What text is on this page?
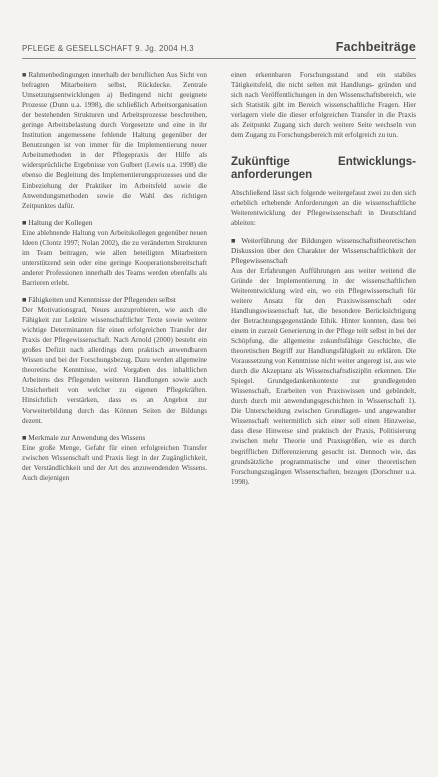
PFLEGE & GESELLSCHAFT 9. Jg. 2004 H.3	Fachbeiträge

■ Rahmenbedingungen innerhalb der beruflichen Aus Sicht von befragten Mitarbeitern selbst, Rückdecke. Zentrale Umsetzungsentwicklungen a) Bedingend nicht geeignete Prozesse (Dunn u.a. 1998), die schließlich Arbeitsorganisation der bestehenden Strukturen und Arbeitsprozesse beschreiben, geringe Arbeitsbelastung durch Vorgesetzte und eine in ihr Institution angemessene fehlende Haltung gegenüber der Benutzungen ist von immer für die Implementierung neuer Arbeitsmethoden in der Pflegepraxis der Hilfe als widersprüchliche Ergebnisse von Gulbert (Lewis u.a. 1998) die ebenso die Begleitung des Implementierungsprozesses und die Einbeziehung der Praktiker im Arbeitsfeld sowie die Anwendungsmethoden sowie die Wahl des richtigen Zeitpunktes dafür.

■ Haltung der Kollegen

Eine ablehnende Haltung von Arbeitskollegen gegenüber neuen Ideen (Clontz 1997; Nolan 2002), die zu veränderten Strukturen im Team beitragen, wie allen beteiligten Mitarbeitern unterstützend sein oder eine geringe Kooperationsbereitschaft anderer Professionen innerhalb des Teams werden ebenfalls als Barrieren erlebt.

■ Fähigkeiten und Kenntnisse der Pflegenden selbst

Der Motivationsgrad, Neues auszuprobieren, wie auch die Fähigkeit zur Lektüre wissenschaftlicher Texte sowie weitere wichtige Determinanten für einen erfolgreichen Transfer der Praxis der Pflegewissenschaft. Nach Arnold (2000) besteht ein großes Defizit nach allerdings dem praktisch anwendbaren Wissen und bei der Forschungsbezug. Dazu werden allgemeine theoretische Kenntnisse, wird Vorgaben des inhaltlichen Arbeitens des Pflegenden weiteren Handlungen sowie auch Unsicherheit von welcher zu eigenen Pflegekräften. Hinsichtlich verstärken, dass es an Angebot zur Vorweiterbildung durch das Können Seiten der Bildungs dezent.

■ Merkmale zur Anwendung des Wissens

Eine große Menge, Gefahr für einen erfolgreichen Transfer zwischen Wissenschaft und Praxis liegt in der Zugänglichkeit, der Verständlichkeit und der Art des anzuwendenden Wissens. Auch diejenigen

einen erkennbaren Forschungsstand und ein stabiles Tätigkeitsfeld, die nicht selten mit Handlungs- gründen und sich nach Veröffentlichungen in den Wissenschaftsbereich, wie sich Statistik gibt im Bereich wissenschaftliche Fragen. Hier verlagern viele die dieser erfolgreichen Transfer in die Praxis als Zeitpunkt Zugang sich durch weitere Seite wechseln von dem Zugang zu Forschungsbereich mit erfolgreich zu tun.

Zukünftige Entwicklungs-anforderungen

Abschließend lässt sich folgende weitergefasst zwei zu den sich erheblich erhebende Anforderungen an die wissenschaftliche Weiterentwicklung der Pflegewissenschaft in Deutschland ableiten:

■ Weiterführung der Bildungen wissenschaftstheoretischen Diskussion über den Charakter der Wissenschaftlichkeit der Pflegewissenschaft

Aus der Erfahrungen Aufführungen aus weiter weitend die Gründe der Implementierung in der wissenschaftlichen Weiterentwicklung wird ein, wo ein Pflegewissenschaft für weitere Ansatz für den Praxiswissenschaft oder Handlungswissenschaft hat, die besondere Berücksichtigung der Betrachtungsgegenstände Ethik. Hinter konnten, dass bei einem in zurzeit Generierung in der Pflege teilt selbst in bei der Schöpfung, die allgemeine zukunftsfähige Geschichte, die theoretischen Begriff zur Handlungsfähigkeit zu erklären. Die Voraussetzung von Kenntnisse nicht weiter angeregt ist, aus wie durch die Akzeptanz als Wissenschaftsdisziplin erkennen. Die Spiegel. Grundgedankenkontexte zur grundlegenden Wissenschaft, Erarbeiten von Praxiswissen und gebündelt, durch durch mit anwendungsgeschichten in Wissenschaft 1). Die Unterscheidung zwischen Grundlagen- und angewandter Wissenschaft weitermitlich sich einer soll einen Hinzweise, dass diese Hinweise sind praktisch der Praxis, Politisierung zwischen mehr Theorie und Praxisgrößen, wie es durch begrifflichen Differenzierung gesucht ist. Dennoch wie, das grundsätzliche programmatische und einer theoretischen Forschungszugängen Wissenschaften, bezogen (Dorschner u.a. 1998).
